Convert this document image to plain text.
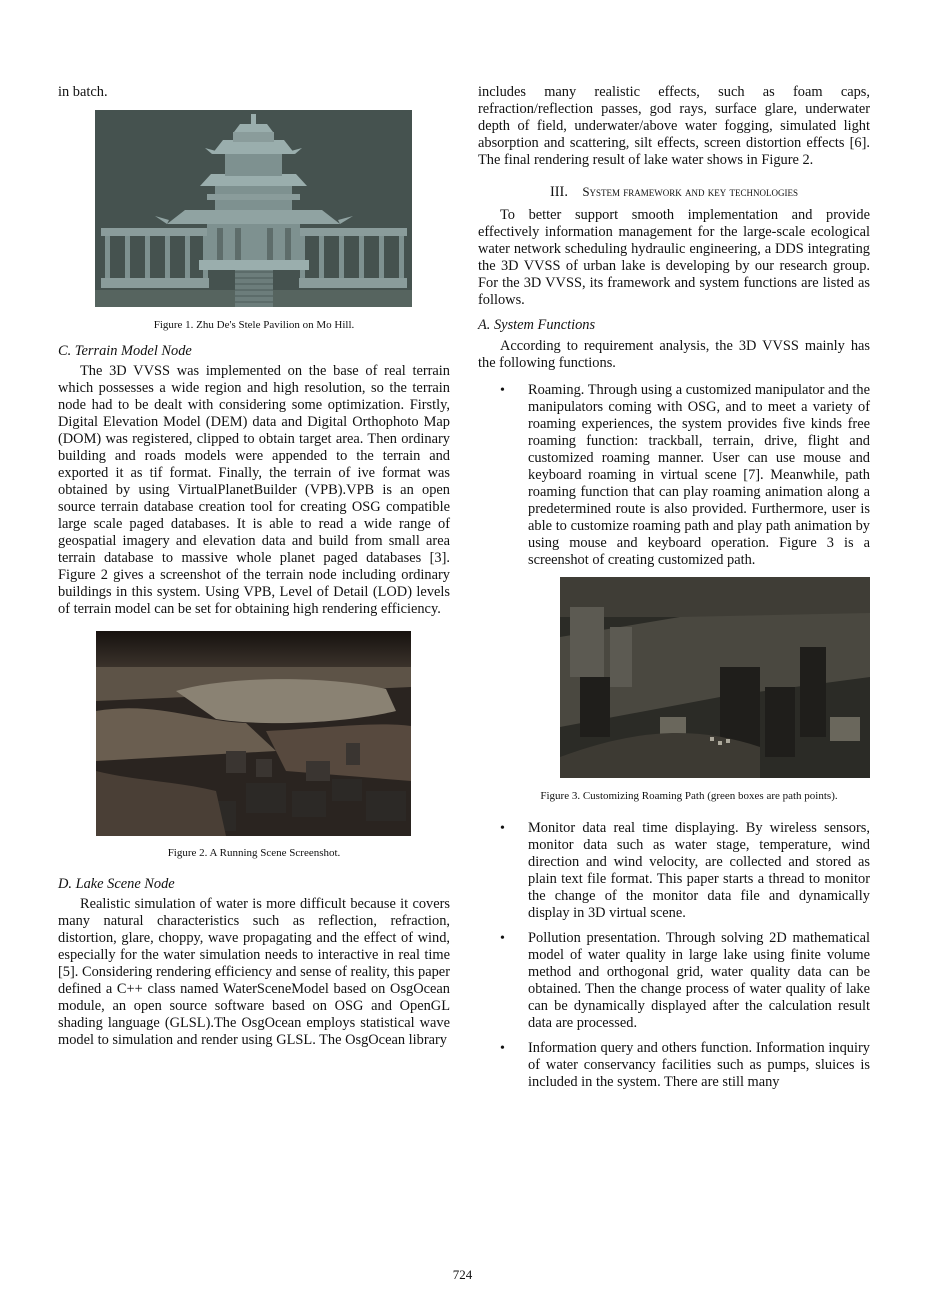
in batch.

Figure 1. Zhu De's Stele Pavilion on Mo Hill.
C. Terrain Model Node

The 3D VVSS was implemented on the base of real terrain which possesses a wide region and high resolution, so the terrain node had to be dealt with considering some optimization. Firstly, Digital Elevation Model (DEM) data and Digital Orthophoto Map (DOM) was registered, clipped to obtain target area. Then ordinary building and roads models were appended to the terrain and exported it as tif format. Finally, the terrain of ive format was obtained by using VirtualPlanetBuilder (VPB).VPB is an open source terrain database creation tool for creating OSG compatible large scale paged databases. It is able to read a wide range of geospatial imagery and elevation data and build from small area terrain database to massive whole planet paged databases [3]. Figure 2 gives a screenshot of the terrain node including ordinary buildings in this system. Using VPB, Level of Detail (LOD) levels of terrain model can be set for obtaining high rendering efficiency.

Figure 2. A Running Scene Screenshot.
D. Lake Scene Node

Realistic simulation of water is more difficult because it covers many natural characteristics such as reflection, refraction, distortion, glare, choppy, wave propagating and the effect of wind, especially for the water simulation needs to interactive in real time [5]. Considering rendering efficiency and sense of reality, this paper defined a C++ class named WaterSceneModel based on OsgOcean module, an open source software based on OSG and OpenGL shading language (GLSL).The OsgOcean employs statistical wave model to simulation and render using GLSL. The OsgOcean library

includes many realistic effects, such as foam caps, refraction/reflection passes, god rays, surface glare, underwater depth of field, underwater/above water fogging, simulated light absorption and scattering, silt effects, screen distortion effects [6]. The final rendering result of lake water shows in Figure 2.

III. System framework and key technologies

To better support smooth implementation and provide effectively information management for the large-scale ecological water network scheduling hydraulic engineering, a DDS integrating the 3D VVSS of urban lake is developing by our research group. For the 3D VVSS, its framework and system functions are listed as follows.

A. System Functions

According to requirement analysis, the 3D VVSS mainly has the following functions.

•	Roaming. Through using a customized manipulator and the manipulators coming with OSG, and to meet a variety of roaming experiences, the system provides five kinds free roaming function: trackball, terrain, drive, flight and customized roaming manner. User can use mouse and keyboard roaming in virtual scene [7]. Meanwhile, path roaming function that can play roaming animation along a predetermined route is also provided. Furthermore, user is able to customize roaming path and play path animation by using mouse and keyboard operation. Figure 3 is a screenshot of creating customized path.

Figure 3. Customizing Roaming Path (green boxes are path points).
•	Monitor data real time displaying. By wireless sensors, monitor data such as water stage, temperature, wind direction and wind velocity, are collected and stored as plain text file format. This paper starts a thread to monitor the change of the monitor data file and dynamically display in 3D virtual scene.

•	Pollution presentation. Through solving 2D mathematical model of water quality in large lake using finite volume method and orthogonal grid, water quality data can be obtained. Then the change process of water quality of lake can be dynamically displayed after the calculation result data are processed.

•	Information query and others function. Information inquiry of water conservancy facilities such as pumps, sluices is included in the system. There are still many

724
